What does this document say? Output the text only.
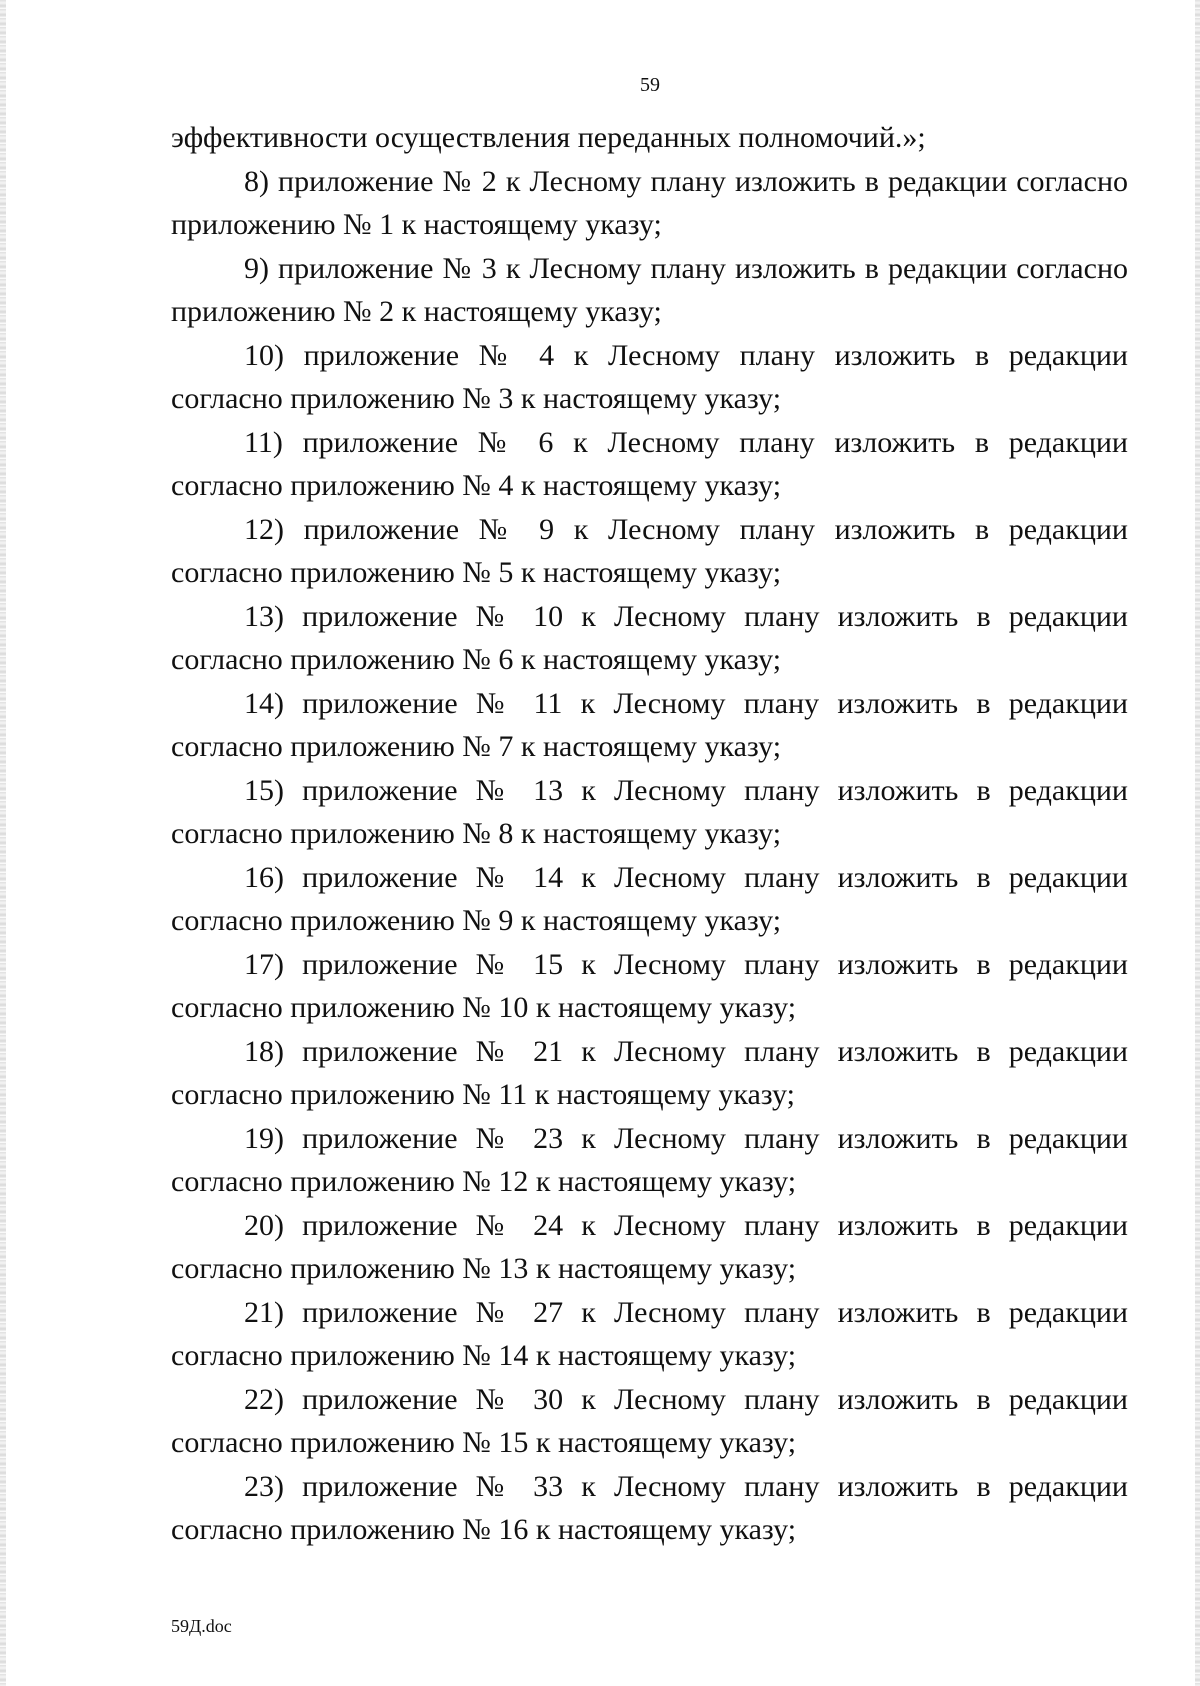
59
эффективности осуществления переданных полномочий.»;
8) приложение № 2 к Лесному плану изложить в редакции согласно
приложению № 1 к настоящему указу;
9) приложение № 3 к Лесному плану изложить в редакции согласно
приложению № 2 к настоящему указу;
10) приложение № 4 к Лесному плану изложить в редакции
согласно приложению № 3 к настоящему указу;
11) приложение № 6 к Лесному плану изложить в редакции
согласно приложению № 4 к настоящему указу;
12) приложение № 9 к Лесному плану изложить в редакции
согласно приложению № 5 к настоящему указу;
13) приложение № 10 к Лесному плану изложить в редакции
согласно приложению № 6 к настоящему указу;
14) приложение № 11 к Лесному плану изложить в редакции
согласно приложению № 7 к настоящему указу;
15) приложение № 13 к Лесному плану изложить в редакции
согласно приложению № 8 к настоящему указу;
16) приложение № 14 к Лесному плану изложить в редакции
согласно приложению № 9 к настоящему указу;
17) приложение № 15 к Лесному плану изложить в редакции
согласно приложению № 10 к настоящему указу;
18) приложение № 21 к Лесному плану изложить в редакции
согласно приложению № 11 к настоящему указу;
19) приложение № 23 к Лесному плану изложить в редакции
согласно приложению № 12 к настоящему указу;
20) приложение № 24 к Лесному плану изложить в редакции
согласно приложению № 13 к настоящему указу;
21) приложение № 27 к Лесному плану изложить в редакции
согласно приложению № 14 к настоящему указу;
22) приложение № 30 к Лесному плану изложить в редакции
согласно приложению № 15 к настоящему указу;
23) приложение № 33 к Лесному плану изложить в редакции
согласно приложению № 16 к настоящему указу;
59Д.doc
